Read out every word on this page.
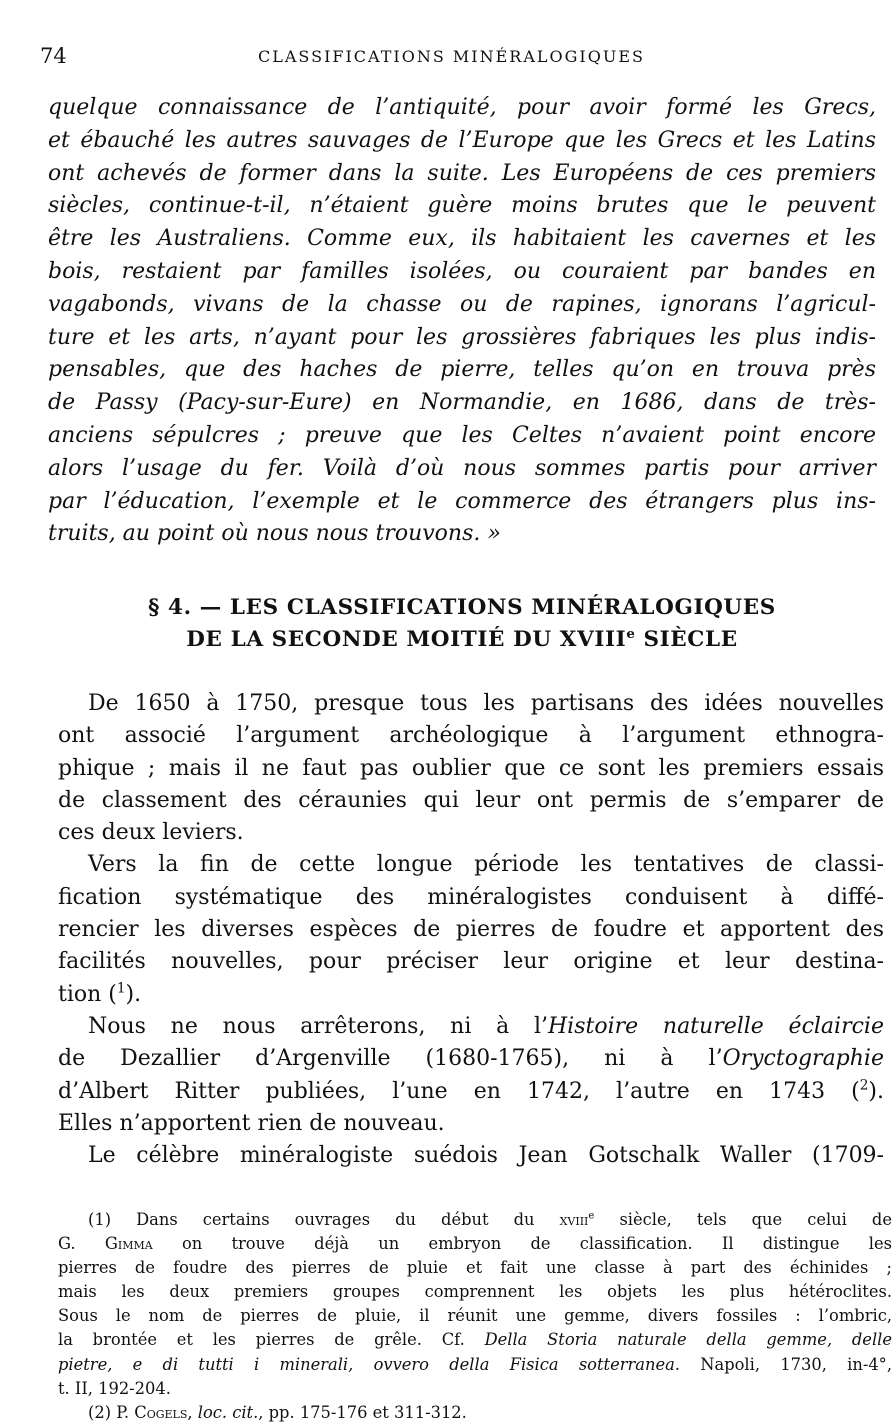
74	CLASSIFICATIONS MINÉRALOGIQUES
quelque connaissance de l’antiquité, pour avoir formé les Grecs,
et ébauché les autres sauvages de l’Europe que les Grecs et les Latins
ont achevés de former dans la suite. Les Européens de ces premiers
siècles, continue-t-il, n’étaient guère moins brutes que le peuvent
être les Australiens. Comme eux, ils habitaient les cavernes et les
bois, restaient par familles isolées, ou couraient par bandes en
vagabonds, vivans de la chasse ou de rapines, ignorans l’agricul-
ture et les arts, n’ayant pour les grossières fabriques les plus indis-
pensables, que des haches de pierre, telles qu’on en trouva près
de Passy (Pacy-sur-Eure) en Normandie, en 1686, dans de très-
anciens sépulcres ; preuve que les Celtes n’avaient point encore
alors l’usage du fer. Voilà d’où nous sommes partis pour arriver
par l’éducation, l’exemple et le commerce des étrangers plus ins-
truits, au point où nous nous trouvons. »
§ 4. — LES CLASSIFICATIONS MINÉRALOGIQUES
DE LA SECONDE MOITIÉ DU XVIIIe SIÈCLE

De 1650 à 1750, presque tous les partisans des idées nouvelles
ont associé l’argument archéologique à l’argument ethnogra-
phique ; mais il ne faut pas oublier que ce sont les premiers essais
de classement des céraunies qui leur ont permis de s’emparer de
ces deux leviers.

Vers la fin de cette longue période les tentatives de classi-
fication systématique des minéralogistes conduisent à diffé-
rencier les diverses espèces de pierres de foudre et apportent des
facilités nouvelles, pour préciser leur origine et leur destina-
tion ($^1$).

Nous ne nous arrêterons, ni à l’Histoire naturelle éclaircie
de Dezallier d’Argenville (1680-1765), ni à l’Oryctographie
d’Albert Ritter publiées, l’une en 1742, l’autre en 1743 ($^2$).
Elles n’apportent rien de nouveau.

Le célèbre minéralogiste suédois Jean Gotschalk Waller (1709-

(1) Dans certains ouvrages du début du xviii$^e$ siècle, tels que celui de
G. Gimma on trouve déjà un embryon de classification. Il distingue les
pierres de foudre des pierres de pluie et fait une classe à part des échinides ;
mais les deux premiers groupes comprennent les objets les plus hétéroclites.
Sous le nom de pierres de pluie, il réunit une gemme, divers fossiles : l’ombric,
la brontée et les pierres de grêle. Cf. Della Storia naturale della gemme, delle
pietre, e di tutti i minerali, ovvero della Fisica sotterranea. Napoli, 1730, in-4°,
t. II, 192-204.

(2) P. Cogels, loc. cit., pp. 175-176 et 311-312.
